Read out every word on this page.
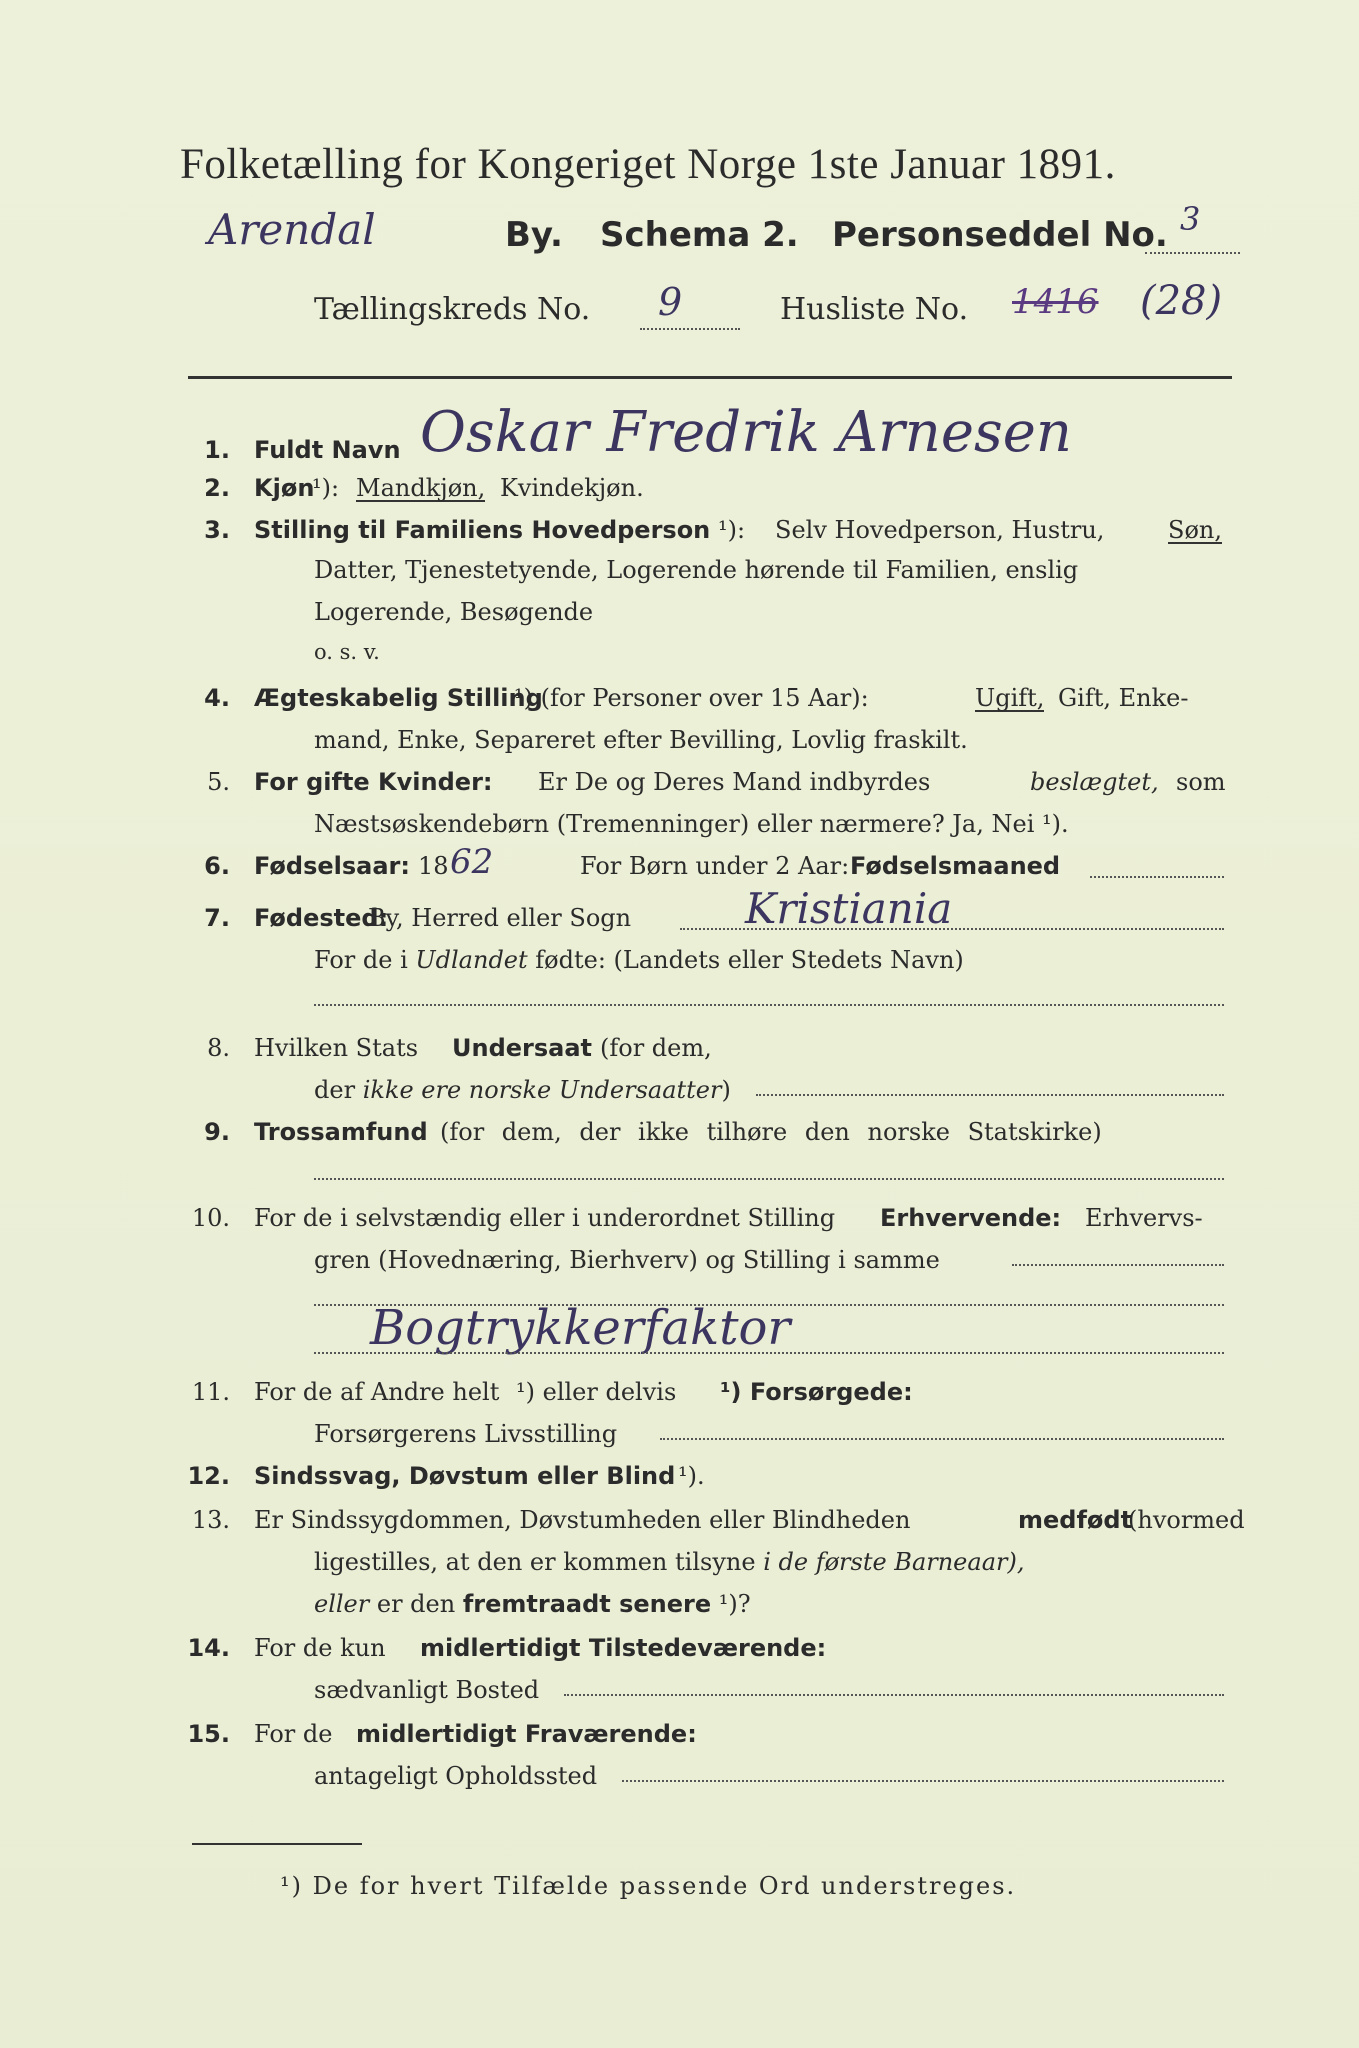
Folketælling for Kongeriget Norge 1ste Januar 1891.
Arendal	By. Schema 2. Personseddel No. 3
Tællingskreds No. 9	Husliste No. 1416 (28)
1. Fuldt Navn Oskar Fredrik Arnesen
2. Kjøn
¹): Mandkjøn, Kvindekjøn.
3. Stilling til Familiens Hovedperson ¹): Selv Hovedperson, Hustru,	Søn,
Datter, Tjenestetyende, Logerende hørende til Familien, enslig
Logerende, Besøgende
o. s. v.
4. Ægteskabelig Stilling
¹) (for Personer over 15 Aar):	Ugift, Gift, Enke-
mand, Enke, Separeret efter Bevilling, Lovlig fraskilt.
5. For gifte Kvinder: Er De og Deres Mand indbyrdes	beslægtet, som
Næstsøskendebørn (Tremenninger) eller nærmere? Ja, Nei ¹).
6. Fødselsaar: 18	For Børn under 2 Aar: Fødselsmaaned
62
7. Fødested:
By, Herred eller Sogn	Kristiania
For de i Udlandet fødte: (Landets eller Stedets Navn)
8. Hvilken Stats Undersaat (for dem,
der ikke ere norske Undersaatter)
9. Trossamfund (for dem, der ikke tilhøre den norske Statskirke)
10. For de i selvstændig eller i underordnet Stilling Erhvervende: Erhvervs-
gren (Hovednæring, Bierhverv) og Stilling i samme
Bogtrykkerfaktor
11. For de af Andre helt ¹) eller delvis ¹) Forsørgede:
Forsørgerens Livsstilling
12. Sindssvag, Døvstum eller Blind ¹).
13. Er Sindssygdommen, Døvstumheden eller Blindheden	medfødt
(hvormed
ligestilles, at den er kommen tilsyne i de første Barneaar),
eller er den fremtraadt senere ¹)?
14. For de kun midlertidigt Tilstedeværende:
sædvanligt Bosted
15. For de midlertidigt Fraværende:
antageligt Opholdssted
¹) De for hvert Tilfælde passende Ord understreges.
